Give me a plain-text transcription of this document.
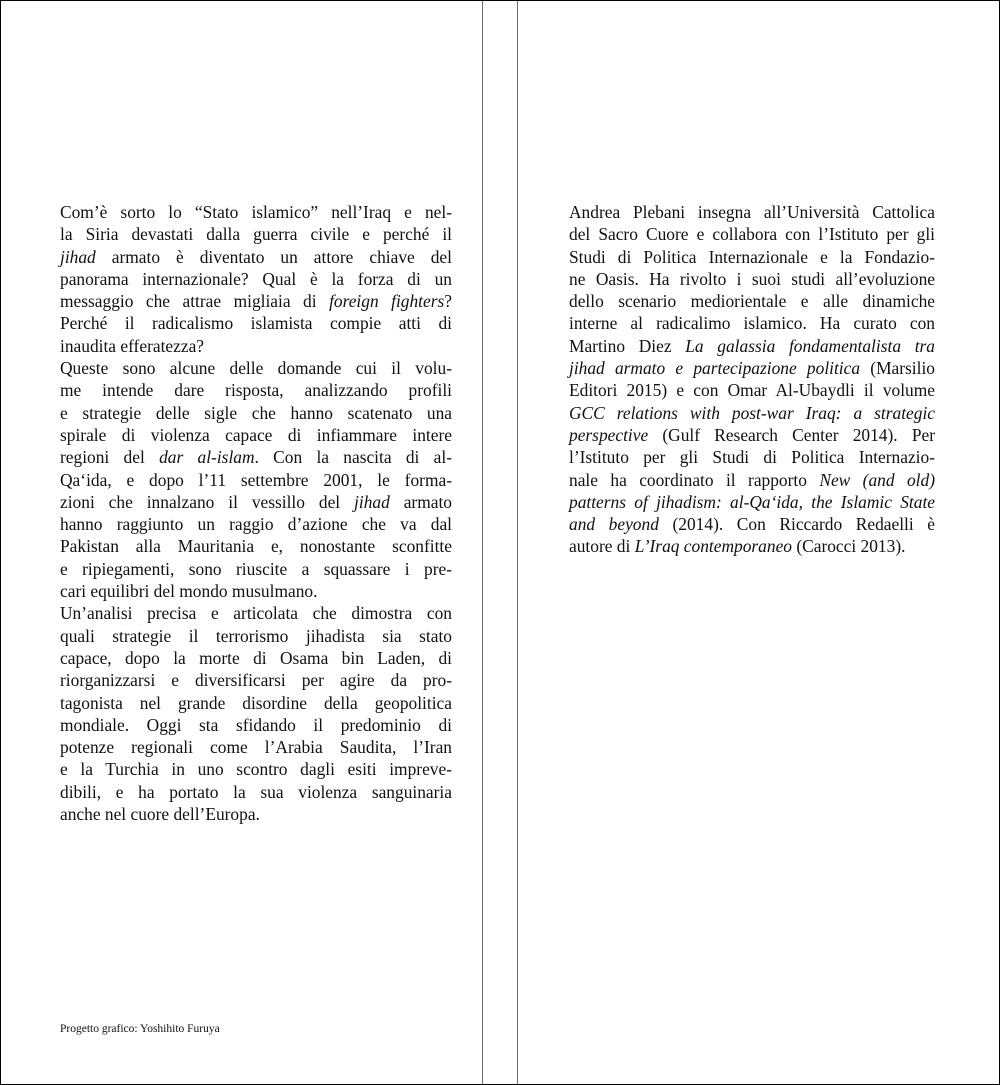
Com’è sorto lo “Stato islamico” nell’Iraq e nel-
la Siria devastati dalla guerra civile e perché il
jihad armato è diventato un attore chiave del
panorama internazionale? Qual è la forza di un
messaggio che attrae migliaia di foreign fighters?
Perché il radicalismo islamista compie atti di
inaudita efferatezza?
Queste sono alcune delle domande cui il volu-
me intende dare risposta, analizzando profili
e strategie delle sigle che hanno scatenato una
spirale di violenza capace di infiammare intere
regioni del dar al-islam. Con la nascita di al-
Qa‘ida, e dopo l’11 settembre 2001, le forma-
zioni che innalzano il vessillo del jihad armato
hanno raggiunto un raggio d’azione che va dal
Pakistan alla Mauritania e, nonostante sconfitte
e ripiegamenti, sono riuscite a squassare i pre-
cari equilibri del mondo musulmano.
Un’analisi precisa e articolata che dimostra con
quali strategie il terrorismo jihadista sia stato
capace, dopo la morte di Osama bin Laden, di
riorganizzarsi e diversificarsi per agire da pro-
tagonista nel grande disordine della geopolitica
mondiale. Oggi sta sfidando il predominio di
potenze regionali come l’Arabia Saudita, l’Iran
e la Turchia in uno scontro dagli esiti impreve-
dibili, e ha portato la sua violenza sanguinaria
anche nel cuore dell’Europa.
Andrea Plebani insegna all’Università Cattolica
del Sacro Cuore e collabora con l’Istituto per gli
Studi di Politica Internazionale e la Fondazio-
ne Oasis. Ha rivolto i suoi studi all’evoluzione
dello scenario mediorientale e alle dinamiche
interne al radicalimo islamico. Ha curato con
Martino Diez La galassia fondamentalista tra
jihad armato e partecipazione politica (Marsilio
Editori 2015) e con Omar Al-Ubaydli il volume
GCC relations with post-war Iraq: a strategic
perspective (Gulf Research Center 2014). Per
l’Istituto per gli Studi di Politica Internazio-
nale ha coordinato il rapporto New (and old)
patterns of jihadism: al-Qa‘ida, the Islamic State
and beyond (2014). Con Riccardo Redaelli è
autore di L’Iraq contemporaneo (Carocci 2013).
Progetto grafico: Yoshihito Furuya
